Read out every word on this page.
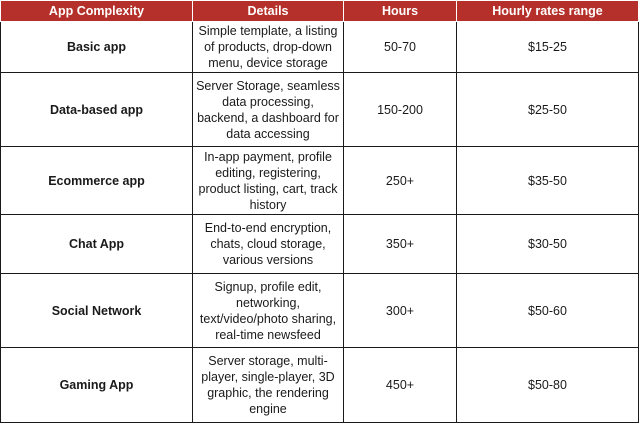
App Complexity	Details	Hours	Hourly rates range
Basic app	Simple template, a listing of products, drop-down menu, device storage	50-70	$15-25
Data-based app	Server Storage, seamless data processing, backend, a dashboard for data accessing	150-200	$25-50
Ecommerce app	In-app payment, profile editing, registering, product listing, cart, track history	250+	$35-50
Chat App	End-to-end encryption, chats, cloud storage, various versions	350+	$30-50
Social Network	Signup, profile edit, networking, text/video/photo sharing, real-time newsfeed	300+	$50-60
Gaming App	Server storage, multi-player, single-player, 3D graphic, the rendering engine	450+	$50-80
